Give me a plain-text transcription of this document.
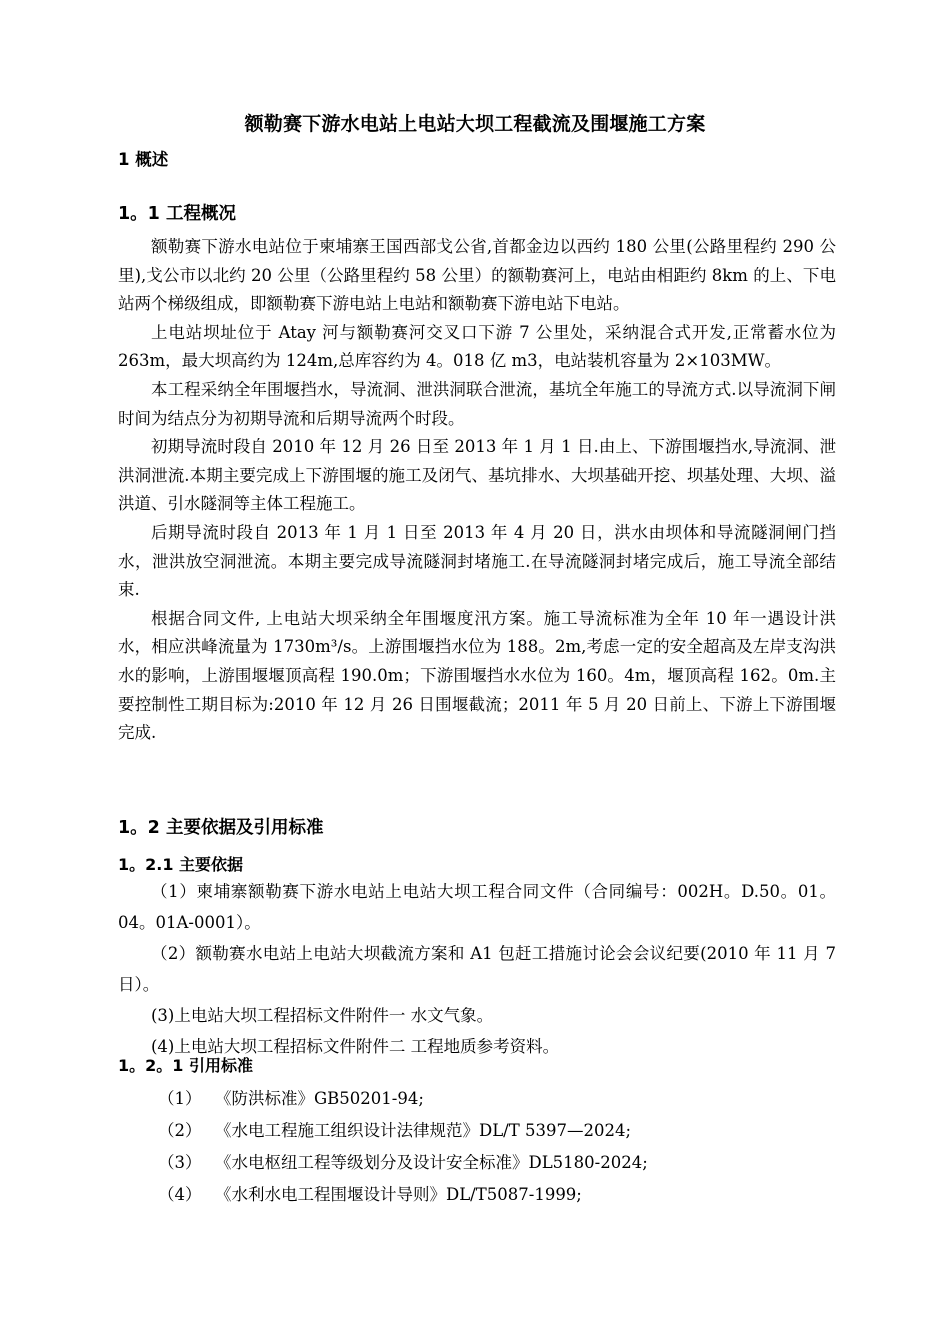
额勒赛下游水电站上电站大坝工程截流及围堰施工方案
1 概述
1。1 工程概况

额勒赛下游水电站位于柬埔寨王国西部戈公省,首都金边以西约 180 公里(公路里程约 290 公里),戈公市以北约 20 公里（公路里程约 58 公里）的额勒赛河上，电站由相距约 8km 的上、下电站两个梯级组成，即额勒赛下游电站上电站和额勒赛下游电站下电站。

上电站坝址位于 Atay 河与额勒赛河交叉口下游 7 公里处，采纳混合式开发,正常蓄水位为 263m，最大坝高约为 124m,总库容约为 4。018 亿 m3，电站装机容量为 2×103MW。

本工程采纳全年围堰挡水，导流洞、泄洪洞联合泄流，基坑全年施工的导流方式.以导流洞下闸时间为结点分为初期导流和后期导流两个时段。

初期导流时段自 2010 年 12 月 26 日至 2013 年 1 月 1 日.由上、下游围堰挡水,导流洞、泄洪洞泄流.本期主要完成上下游围堰的施工及闭气、基坑排水、大坝基础开挖、坝基处理、大坝、溢洪道、引水隧洞等主体工程施工。

后期导流时段自 2013 年 1 月 1 日至 2013 年 4 月 20 日，洪水由坝体和导流隧洞闸门挡水，泄洪放空洞泄流。本期主要完成导流隧洞封堵施工.在导流隧洞封堵完成后，施工导流全部结束.

根据合同文件, 上电站大坝采纳全年围堰度汛方案。施工导流标准为全年 10 年一遇设计洪水，相应洪峰流量为 1730m³/s。上游围堰挡水位为 188。2m,考虑一定的安全超高及左岸支沟洪水的影响，上游围堰堰顶高程 190.0m；下游围堰挡水水位为 160。4m，堰顶高程 162。0m.主要控制性工期目标为:2010 年 12 月 26 日围堰截流；2011 年 5 月 20 日前上、下游上下游围堰完成.

1。2 主要依据及引用标准
1。2.1 主要依据

（1）柬埔寨额勒赛下游水电站上电站大坝工程合同文件（合同编号：002H。D.50。01。04。01A-0001）。

（2）额勒赛水电站上电站大坝截流方案和 A1 包赶工措施讨论会会议纪要(2010 年 11 月 7 日）。

(3)上电站大坝工程招标文件附件一 水文气象。

(4)上电站大坝工程招标文件附件二 工程地质参考资料。

1。2。1 引用标准
（1） 《防洪标准》GB50201-94;
（2） 《水电工程施工组织设计法律规范》DL/T 5397—2024;
（3） 《水电枢纽工程等级划分及设计安全标准》DL5180-2024;
（4） 《水利水电工程围堰设计导则》DL/T5087-1999;
